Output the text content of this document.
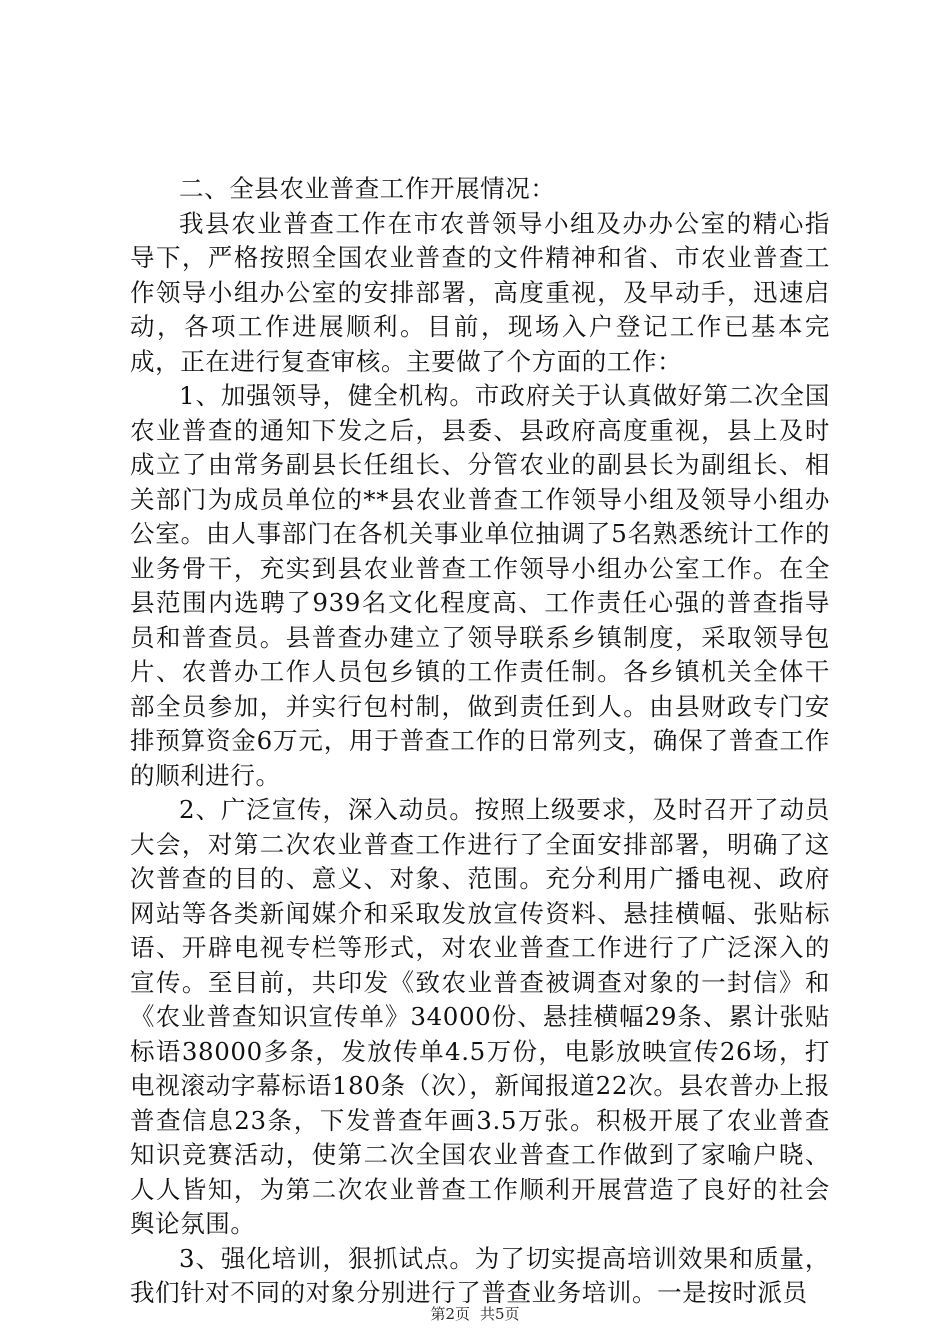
二、全县农业普查工作开展情况：

我县农业普查工作在市农普领导小组及办办公室的精心指导下，严格按照全国农业普查的文件精神和省、市农业普查工作领导小组办公室的安排部署，高度重视，及早动手，迅速启动，各项工作进展顺利。目前，现场入户登记工作已基本完成，正在进行复查审核。主要做了个方面的工作：

1、加强领导，健全机构。市政府关于认真做好第二次全国农业普查的通知下发之后，县委、县政府高度重视，县上及时成立了由常务副县长任组长、分管农业的副县长为副组长、相关部门为成员单位的**县农业普查工作领导小组及领导小组办公室。由人事部门在各机关事业单位抽调了5名熟悉统计工作的业务骨干，充实到县农业普查工作领导小组办公室工作。在全县范围内选聘了939名文化程度高、工作责任心强的普查指导员和普查员。县普查办建立了领导联系乡镇制度，采取领导包片、农普办工作人员包乡镇的工作责任制。各乡镇机关全体干部全员参加，并实行包村制，做到责任到人。由县财政专门安排预算资金6万元，用于普查工作的日常列支，确保了普查工作的顺利进行。

2、广泛宣传，深入动员。按照上级要求，及时召开了动员大会，对第二次农业普查工作进行了全面安排部署，明确了这次普查的目的、意义、对象、范围。充分利用广播电视、政府网站等各类新闻媒介和采取发放宣传资料、悬挂横幅、张贴标语、开辟电视专栏等形式，对农业普查工作进行了广泛深入的宣传。至目前，共印发《致农业普查被调查对象的一封信》和《农业普查知识宣传单》34000份、悬挂横幅29条、累计张贴标语38000多条，发放传单4.5万份，电影放映宣传26场，打电视滚动字幕标语180条（次），新闻报道22次。县农普办上报普查信息23条，下发普查年画3.5万张。积极开展了农业普查知识竞赛活动，使第二次全国农业普查工作做到了家喻户晓、人人皆知，为第二次农业普查工作顺利开展营造了良好的社会舆论氛围。

3、强化培训，狠抓试点。为了切实提高培训效果和质量，我们针对不同的对象分别进行了普查业务培训。一是按时派员

第2页 共5页
